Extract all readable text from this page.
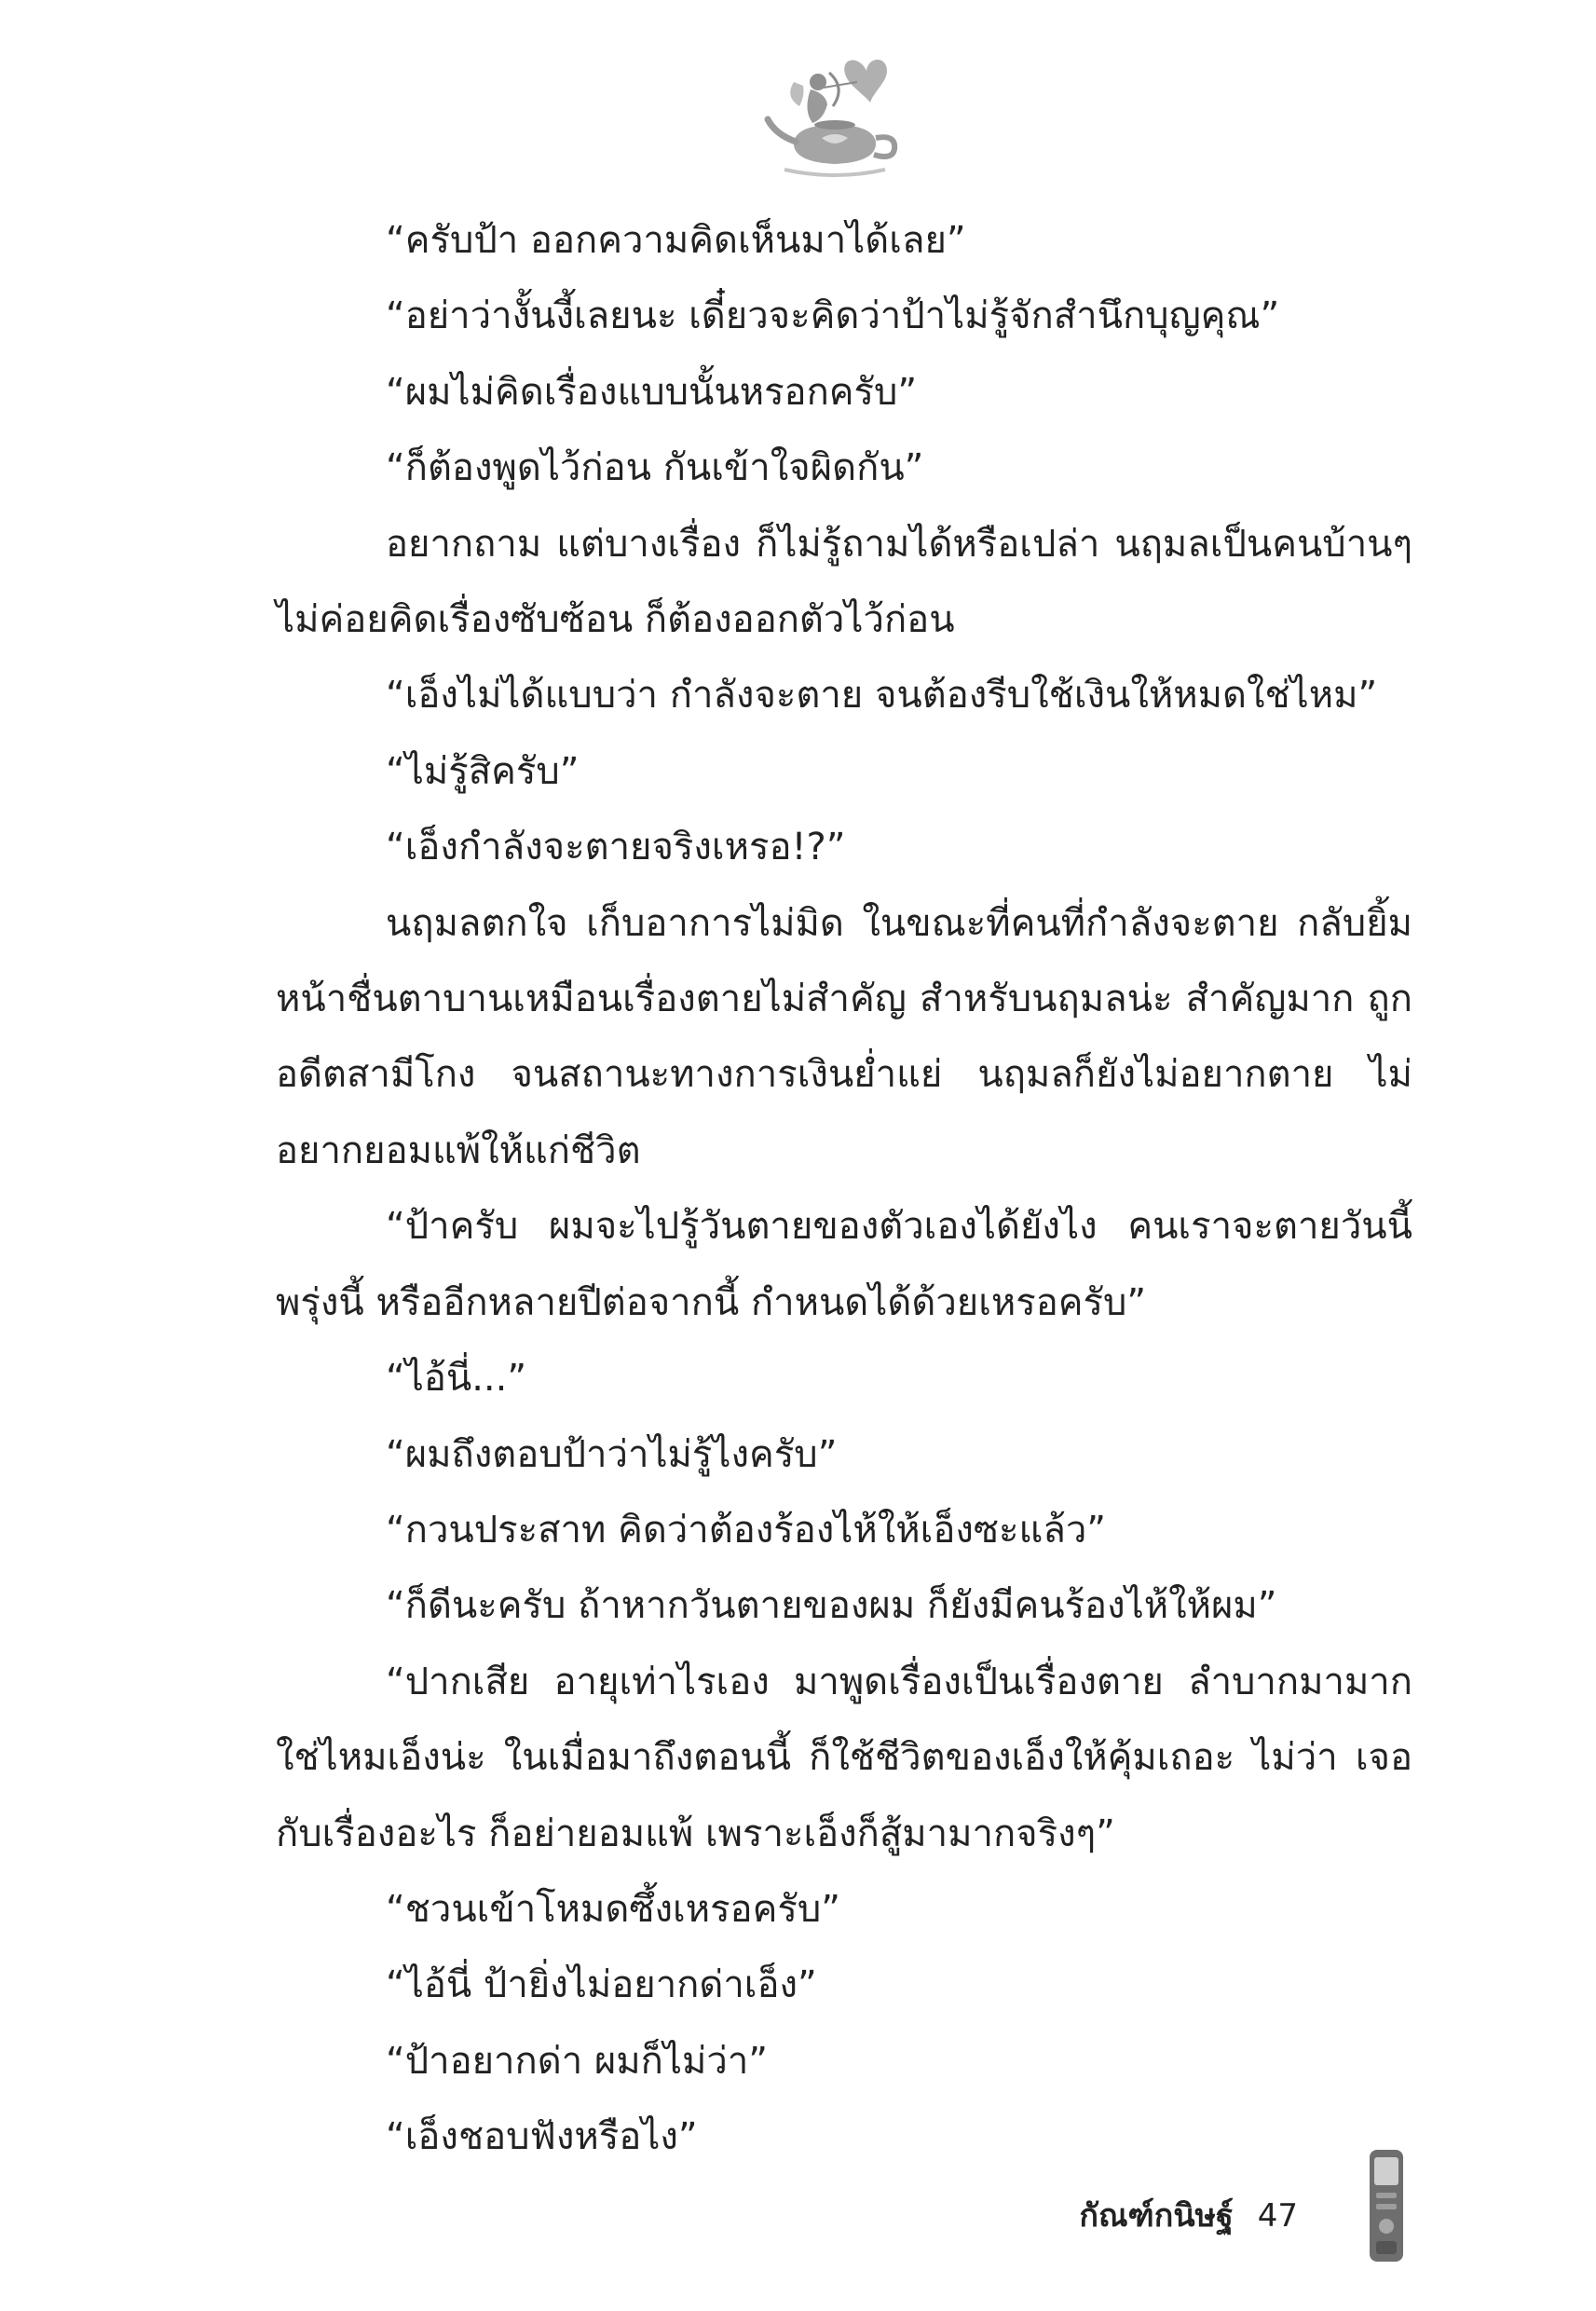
“ครับป้า ออกความคิดเห็นมาได้เลย”

“อย่าว่างั้นงี้เลยนะ เดี๋ยวจะคิดว่าป้าไม่รู้จักสำนึกบุญคุณ”

“ผมไม่คิดเรื่องแบบนั้นหรอกครับ”

“ก็ต้องพูดไว้ก่อน กันเข้าใจผิดกัน”

อยากถาม แต่บางเรื่อง ก็ไม่รู้ถามได้หรือเปล่า นฤมลเป็นคนบ้านๆ ไม่ค่อยคิดเรื่องซับซ้อน ก็ต้องออกตัวไว้ก่อน

“เอ็งไม่ได้แบบว่า กำลังจะตาย จนต้องรีบใช้เงินให้หมดใช่ไหม”

“ไม่รู้สิครับ”

“เอ็งกำลังจะตายจริงเหรอ!?”

นฤมลตกใจ เก็บอาการไม่มิด ในขณะที่คนที่กำลังจะตาย กลับยิ้มหน้าชื่นตาบานเหมือนเรื่องตายไม่สำคัญ สำหรับนฤมลน่ะ สำคัญมาก ถูกอดีตสามีโกง จนสถานะทางการเงินย่ำแย่ นฤมลก็ยังไม่อยากตาย ไม่อยากยอมแพ้ให้แก่ชีวิต

“ป้าครับ ผมจะไปรู้วันตายของตัวเองได้ยังไง คนเราจะตายวันนี้ พรุ่งนี้ หรืออีกหลายปีต่อจากนี้ กำหนดได้ด้วยเหรอครับ”

“ไอ้นี่...”

“ผมถึงตอบป้าว่าไม่รู้ไงครับ”

“กวนประสาท คิดว่าต้องร้องไห้ให้เอ็งซะแล้ว”

“ก็ดีนะครับ ถ้าหากวันตายของผม ก็ยังมีคนร้องไห้ให้ผม”

“ปากเสีย อายุเท่าไรเอง มาพูดเรื่องเป็นเรื่องตาย ลำบากมามาก ใช่ไหมเอ็งน่ะ ในเมื่อมาถึงตอนนี้ ก็ใช้ชีวิตของเอ็งให้คุ้มเถอะ ไม่ว่า เจอกับเรื่องอะไร ก็อย่ายอมแพ้ เพราะเอ็งก็สู้มามากจริงๆ”

“ชวนเข้าโหมดซึ้งเหรอครับ”

“ไอ้นี่ ป้ายิ่งไม่อยากด่าเอ็ง”

“ป้าอยากด่า ผมก็ไม่ว่า”

“เอ็งชอบฟังหรือไง”

กัณฑ์กนิษฐ์ 47
